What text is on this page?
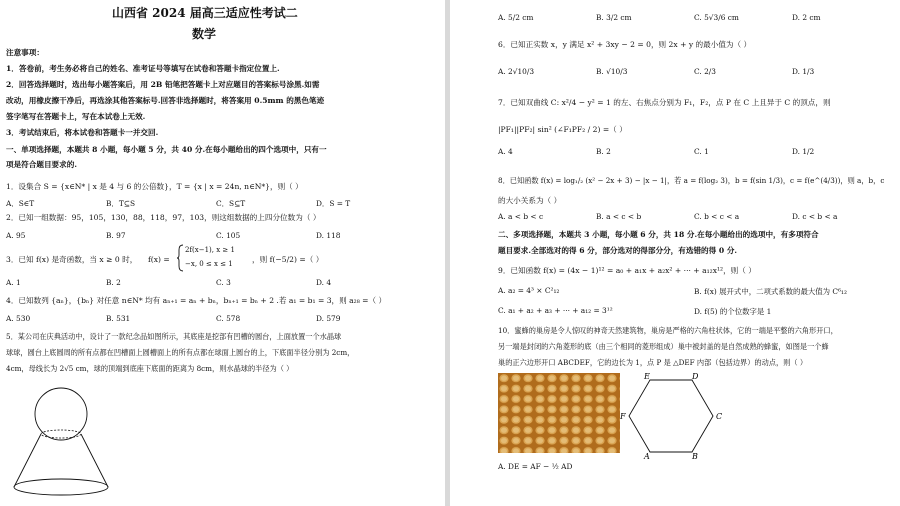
山西省 2024 届高三适应性考试二
数学
注意事项：
1．答卷前，考生务必将自己的姓名、准考证号等填写在试卷和答题卡指定位置上.
2．回答选择题时，选出每小题答案后，用 2B 铅笔把答题卡上对应题目的答案标号涂黑.如需
改动，用橡皮擦干净后，再选涂其他答案标号.回答非选择题时，将答案用 0.5mm 的黑色笔迹
签字笔写在答题卡上，写在本试卷上无效.
3．考试结束后，将本试卷和答题卡一并交回.
一、单项选择题，本题共 8 小题，每小题 5 分，共 40 分.在每小题给出的四个选项中，只有一
项是符合题目要求的.
1．设集合 S = {x∈N* | x 是 4 与 6 的公倍数}，T = {x | x = 24n, n∈N*}，则（ ）
A．S∈T	B．T⊆S	C．S⊆T	D．S = T
2．已知一组数据：95，105，130，88，118，97，103，则这组数据的上四分位数为（ ）
A. 95	B. 97	C. 105	D. 118
3．已知 f(x) 是奇函数，当 x ≥ 0 时， f(x) =
2f(x−1), x ≥ 1
−x, 0 ≤ x ≤ 1	，则 f(−5/2) =（ ）
A. 1	B. 2	C. 3	D. 4
4．已知数列 {aₙ}，{bₙ} 对任意 n∈N* 均有 aₙ₊₁ = aₙ + bₙ，bₙ₊₁ = bₙ + 2 .若 a₁ = b₁ = 3，则 a₂₈ =（ ）
A. 530	B. 531	C. 578	D. 579
5．某公司在庆典活动中，设计了一款纪念品如图所示，其底座是挖部有凹槽的圆台，上面放置一个水晶球
球球，圆台上底圆周的所有点都在凹槽面上圆槽面上的所有点都在球面上圆台的上，下底面半径分别为 2cm，
4cm，母线长为 2√5 cm，球的顶端到底座下底面的距离为 8cm，则水晶球的半径为（ ）
A. 5/2 cm	B. 3/2 cm	C. 5√3/6 cm	D. 2 cm
6．已知正实数 x，y 满足 x² + 3xy − 2 = 0，则 2x + y 的最小值为（ ）
A. 2√10/3	B. √10/3	C. 2/3	D. 1/3
7．已知双曲线 C: x²/4 − y² = 1 的左、右焦点分别为 F₁，F₂，点 P 在 C 上且异于 C 的顶点，则
|PF₁||PF₂| sin² (∠F₁PF₂ / 2) =（ ）
A. 4	B. 2	C. 1	D. 1/2
8．已知函数 f(x) = log₁/₂ (x² − 2x + 3) − |x − 1|，若 a = f(log₂ 3)，b = f(sin 1/3)，c = f(e^(4/3))，则 a，b，c
的大小关系为（ ）
A. a < b < c	B. a < c < b	C. b < c < a	D. c < b < a
二、多项选择题，本题共 3 小题，每小题 6 分，共 18 分.在每小题给出的选项中，有多项符合
题目要求.全部选对的得 6 分，部分选对的得部分分，有选错的得 0 分.
9．已知函数 f(x) = (4x − 1)¹² = a₀ + a₁x + a₂x² + ··· + a₁₂x¹²，则（ ）
A. a₂ = 4³ × C²₁₂	B. f(x) 展开式中，二项式系数的最大值为 C⁶₁₂
C. a₁ + a₂ + a₃ + ··· + a₁₂ = 3¹²	D. f(5) 的个位数字是 1
10．蜜蜂的巢房是令人惊叹的神奇天然建筑物，巢房是严格的六角柱状体，它的一端是平整的六角形开口，
另一端是封闭的六角菱形的底（由三个相同的菱形组成）巢中被封盖的是自然成熟的蜂蜜，如图是一个蜂
巢的正六边形开口 ABCDEF，它的边长为 1，点 P 是 △DEF 内部（包括边界）的动点，则（ ）
E	D
C
F
A	B
A. DE = AF − ½ AD
